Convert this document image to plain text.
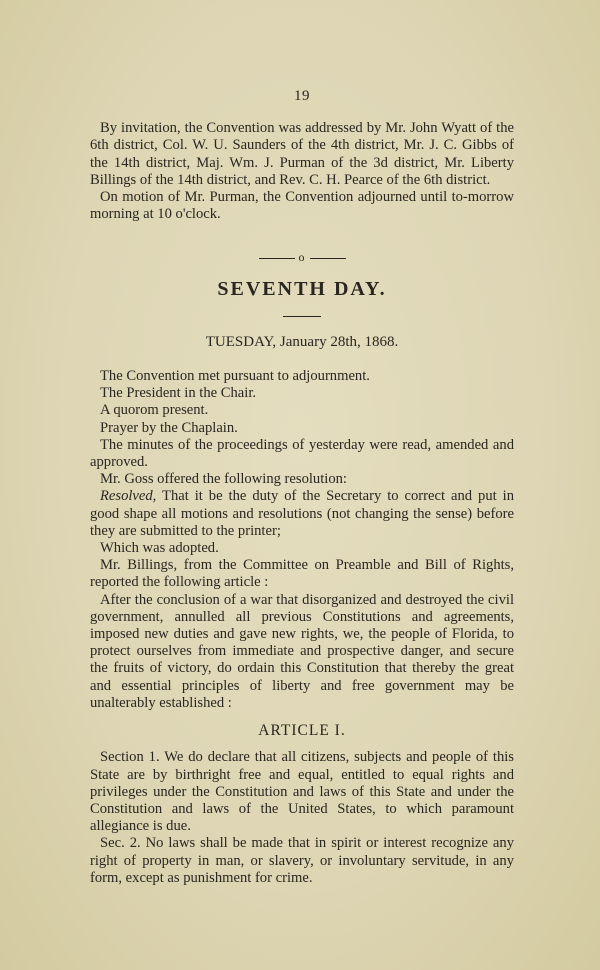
19

By invitation, the Convention was addressed by Mr. John Wyatt of the 6th district, Col. W. U. Saunders of the 4th district, Mr. J. C. Gibbs of the 14th district, Maj. Wm. J. Purman of the 3d district, Mr. Liberty Billings of the 14th district, and Rev. C. H. Pearce of the 6th district.

On motion of Mr. Purman, the Convention adjourned until to-morrow morning at 10 o'clock.

o
SEVENTH DAY.
TUESDAY, January 28th, 1868.

The Convention met pursuant to adjournment.

The President in the Chair.

A quorom present.

Prayer by the Chaplain.

The minutes of the proceedings of yesterday were read, amended and approved.

Mr. Goss offered the following resolution:

Resolved, That it be the duty of the Secretary to correct and put in good shape all motions and resolutions (not changing the sense) before they are submitted to the printer;

Which was adopted.

Mr. Billings, from the Committee on Preamble and Bill of Rights, reported the following article :

After the conclusion of a war that disorganized and destroyed the civil government, annulled all previous Constitutions and agreements, imposed new duties and gave new rights, we, the people of Florida, to protect ourselves from immediate and prospective danger, and secure the fruits of victory, do ordain this Constitution that thereby the great and essential principles of liberty and free government may be unalterably established :

ARTICLE I.

Section 1. We do declare that all citizens, subjects and people of this State are by birthright free and equal, entitled to equal rights and privileges under the Constitution and laws of this State and under the Constitution and laws of the United States, to which paramount allegiance is due.

Sec. 2. No laws shall be made that in spirit or interest recognize any right of property in man, or slavery, or involuntary servitude, in any form, except as punishment for crime.
